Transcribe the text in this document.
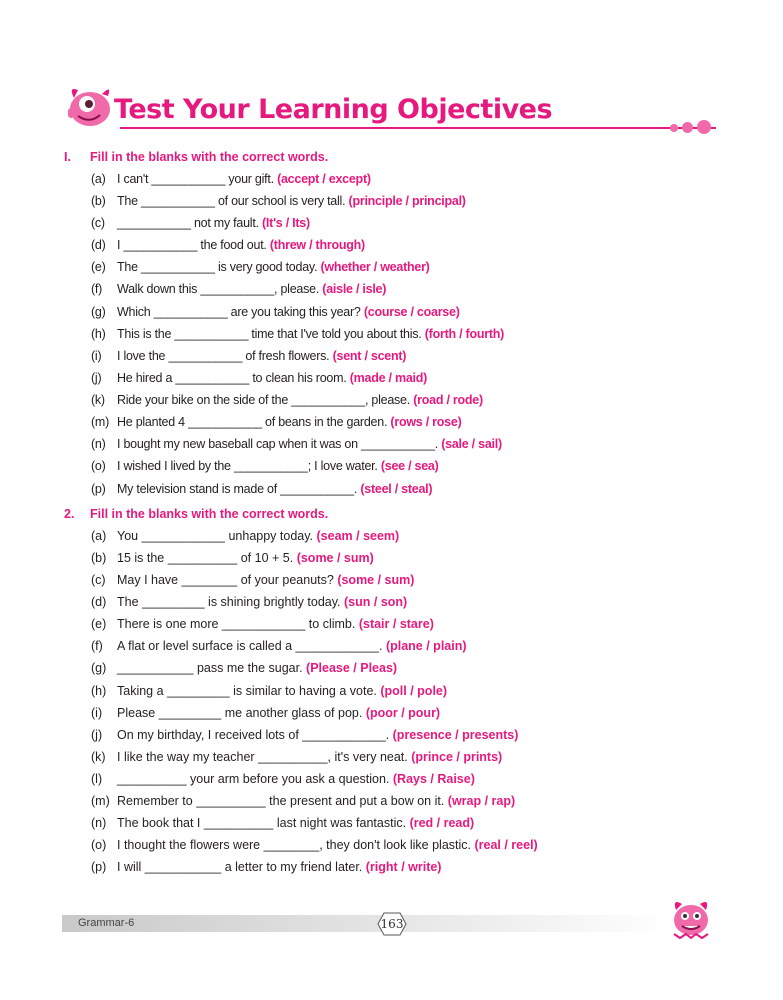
Test Your Learning Objectives
I. Fill in the blanks with the correct words.
(a) I can't ___________ your gift. (accept / except)
(b) The ___________ of our school is very tall. (principle / principal)
(c) ___________ not my fault. (It's / Its)
(d) I ___________ the food out. (threw / through)
(e) The ___________ is very good today. (whether / weather)
(f) Walk down this ___________, please. (aisle / isle)
(g) Which ___________ are you taking this year? (course / coarse)
(h) This is the ___________ time that I've told you about this. (forth / fourth)
(i) I love the ___________ of fresh flowers. (sent / scent)
(j) He hired a ___________ to clean his room. (made / maid)
(k) Ride your bike on the side of the ___________, please. (road / rode)
(m) He planted 4 ___________ of beans in the garden. (rows / rose)
(n) I bought my new baseball cap when it was on ___________. (sale / sail)
(o) I wished I lived by the ___________; I love water. (see / sea)
(p) My television stand is made of ___________. (steel / steal)
2. Fill in the blanks with the correct words.
(a) You ____________ unhappy today. (seam / seem)
(b) 15 is the __________ of 10 + 5. (some / sum)
(c) May I have ________ of your peanuts? (some / sum)
(d) The _________ is shining brightly today. (sun / son)
(e) There is one more ____________ to climb. (stair / stare)
(f) A flat or level surface is called a ____________. (plane / plain)
(g) ___________ pass me the sugar. (Please / Pleas)
(h) Taking a _________ is similar to having a vote. (poll / pole)
(i) Please _________ me another glass of pop. (poor / pour)
(j) On my birthday, I received lots of ____________. (presence / presents)
(k) I like the way my teacher __________, it's very neat. (prince / prints)
(l) __________ your arm before you ask a question. (Rays / Raise)
(m) Remember to __________ the present and put a bow on it. (wrap / rap)
(n) The book that I __________ last night was fantastic. (red / read)
(o) I thought the flowers were ________, they don't look like plastic. (real / reel)
(p) I will ___________ a letter to my friend later. (right / write)
Grammar-6	163
